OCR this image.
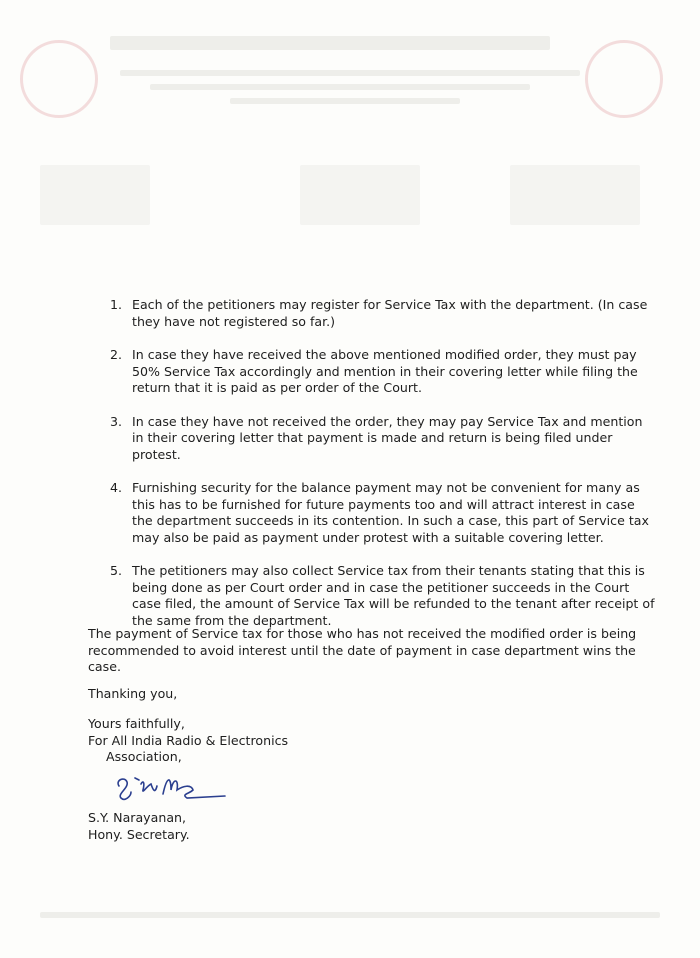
1. Each of the petitioners may register for Service Tax with the department. (In case they have not registered so far.)
2. In case they have received the above mentioned modified order, they must pay 50% Service Tax accordingly and mention in their covering letter while filing the return that it is paid as per order of the Court.
3. In case they have not received the order, they may pay Service Tax and mention in their covering letter that payment is made and return is being filed under protest.
4. Furnishing security for the balance payment may not be convenient for many as this has to be furnished for future payments too and will attract interest in case the department succeeds in its contention. In such a case, this part of Service tax may also be paid as payment under protest with a suitable covering letter.
5. The petitioners may also collect Service tax from their tenants stating that this is being done as per Court order and in case the petitioner succeeds in the Court case filed, the amount of Service Tax will be refunded to the tenant after receipt of the same from the department.
The payment of Service tax for those who has not received the modified order is being recommended to avoid interest until the date of payment in case department wins the case.
Thanking you,
Yours faithfully,
For All India Radio & Electronics
Association,
S.Y. Narayanan,
Hony. Secretary.
